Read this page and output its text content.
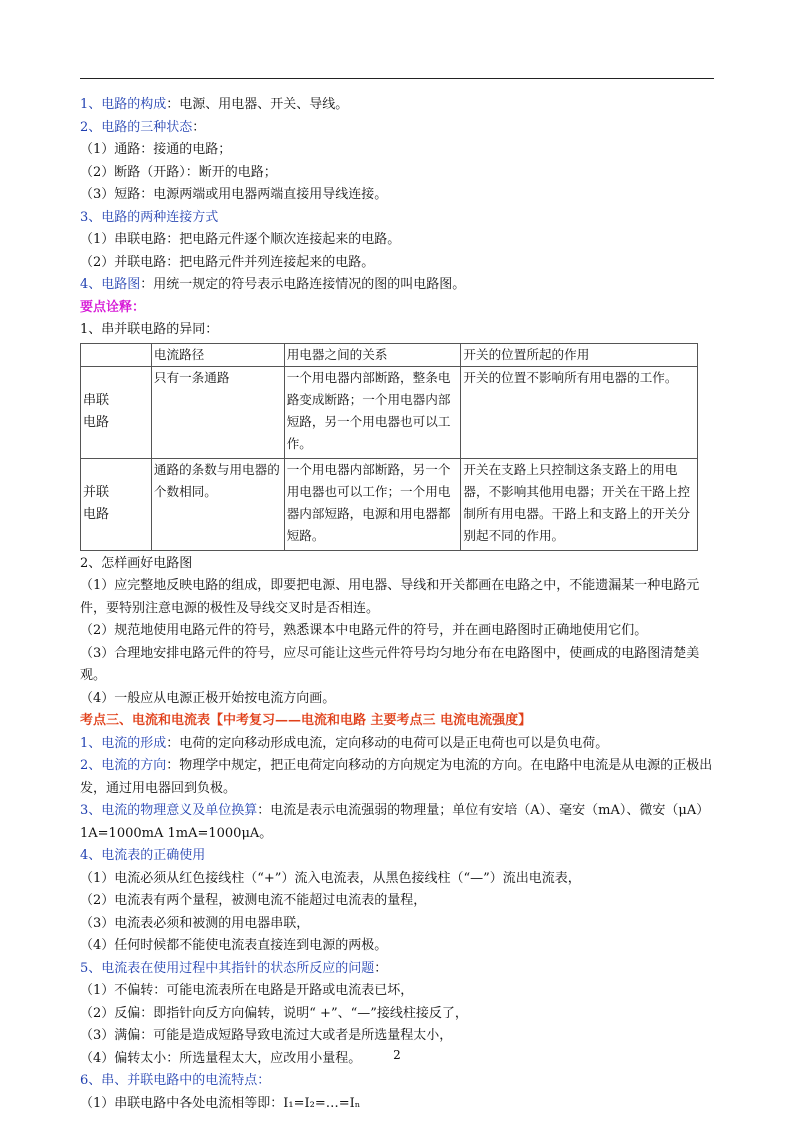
1、电路的构成：电源、用电器、开关、导线。
2、电路的三种状态：
（1）通路：接通的电路；
（2）断路（开路）：断开的电路；
（3）短路：电源两端或用电器两端直接用导线连接。
3、电路的两种连接方式
（1）串联电路：把电路元件逐个顺次连接起来的电路。
（2）并联电路：把电路元件并列连接起来的电路。
4、电路图：用统一规定的符号表示电路连接情况的图的叫电路图。
要点诠释：
1、串并联电路的异同：
	电流路径	用电器之间的关系	开关的位置所起的作用
串联
电路	只有一条通路	一个用电器内部断路，整条电路变成断路；一个用电器内部短路，另一个用电器也可以工作。	开关的位置不影响所有用电器的工作。
并联
电路	通路的条数与用电器的个数相同。	一个用电器内部断路，另一个用电器也可以工作；一个用电器内部短路，电源和用电器都短路。	开关在支路上只控制这条支路上的用电器，不影响其他用电器；开关在干路上控制所有用电器。干路上和支路上的开关分别起不同的作用。
2、怎样画好电路图
（1）应完整地反映电路的组成，即要把电源、用电器、导线和开关都画在电路之中，不能遗漏某一种电路元件，要特别注意电源的极性及导线交叉时是否相连。
（2）规范地使用电路元件的符号，熟悉课本中电路元件的符号，并在画电路图时正确地使用它们。
（3）合理地安排电路元件的符号，应尽可能让这些元件符号均匀地分布在电路图中，使画成的电路图清楚美观。
（4）一般应从电源正极开始按电流方向画。
考点三、电流和电流表【中考复习——电流和电路 主要考点三 电流电流强度】
1、电流的形成：电荷的定向移动形成电流，定向移动的电荷可以是正电荷也可以是负电荷。
2、电流的方向：物理学中规定，把正电荷定向移动的方向规定为电流的方向。在电路中电流是从电源的正极出发，通过用电器回到负极。
3、电流的物理意义及单位换算：电流是表示电流强弱的物理量；单位有安培（A）、毫安（mA）、微安（μA） 1A=1000mA 1mA=1000μA。
4、电流表的正确使用
（1）电流必须从红色接线柱（“+”）流入电流表，从黑色接线柱（“—”）流出电流表，
（2）电流表有两个量程，被测电流不能超过电流表的量程，
（3）电流表必须和被测的用电器串联，
（4）任何时候都不能使电流表直接连到电源的两极。
5、电流表在使用过程中其指针的状态所反应的问题：
（1）不偏转：可能电流表所在电路是开路或电流表已坏，
（2）反偏：即指针向反方向偏转，说明“ +”、“—”接线柱接反了，
（3）满偏：可能是造成短路导致电流过大或者是所选量程太小，
（4）偏转太小：所选量程太大，应改用小量程。
6、串、并联电路中的电流特点：
（1）串联电路中各处电流相等即：I₁=I₂=…=Iₙ
2
